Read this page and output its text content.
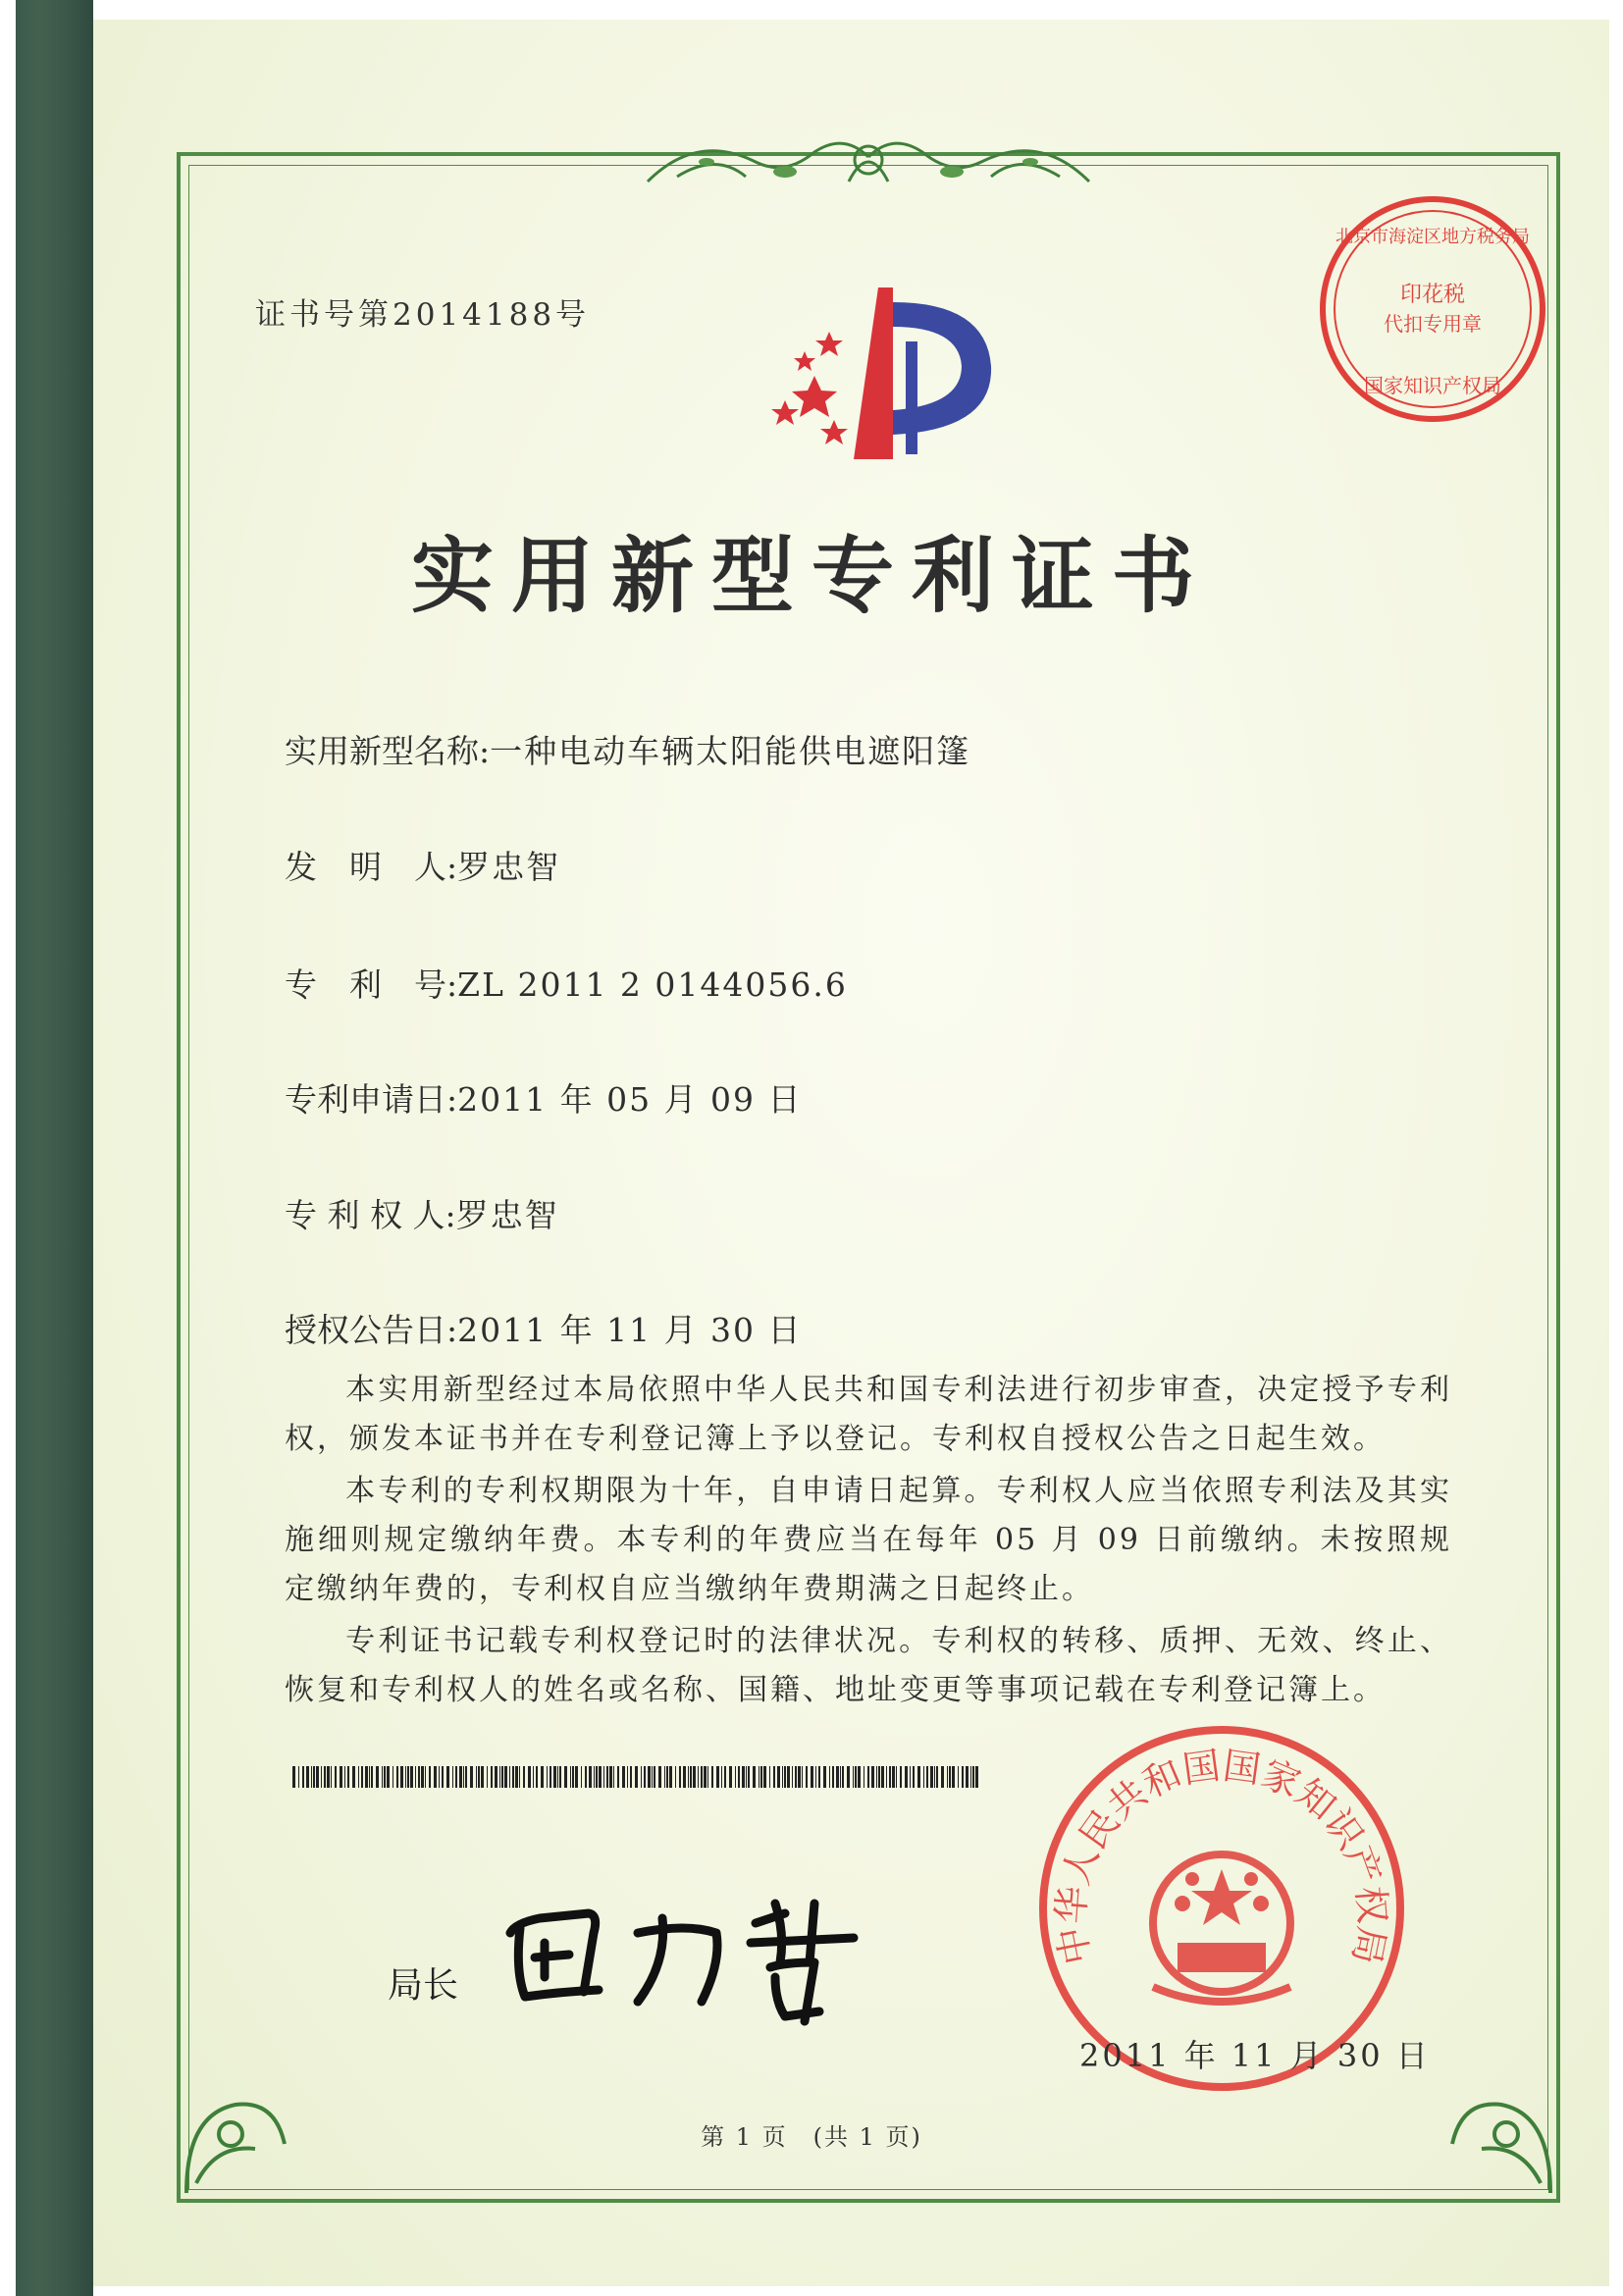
印花税
代扣专用章
北京市海淀区地方税务局
国家知识产权局
证书号第2014188号
实用新型专利证书
实用新型名称:一种电动车辆太阳能供电遮阳篷
发　明　人:罗忠智
专　利　号:ZL 2011 2 0144056.6
专利申请日:2011 年 05 月 09 日
专 利 权 人:罗忠智
授权公告日:2011 年 11 月 30 日
本实用新型经过本局依照中华人民共和国专利法进行初步审查，决定授予专利权，颁发本证书并在专利登记簿上予以登记。专利权自授权公告之日起生效。
本专利的专利权期限为十年，自申请日起算。专利权人应当依照专利法及其实施细则规定缴纳年费。本专利的年费应当在每年 05 月 09 日前缴纳。未按照规定缴纳年费的，专利权自应当缴纳年费期满之日起终止。
专利证书记载专利权登记时的法律状况。专利权的转移、质押、无效、终止、恢复和专利权人的姓名或名称、国籍、地址变更等事项记载在专利登记簿上。
局长
中华人民共和国国家知识产权局
2011 年 11 月 30 日
第 1 页　(共 1 页)
